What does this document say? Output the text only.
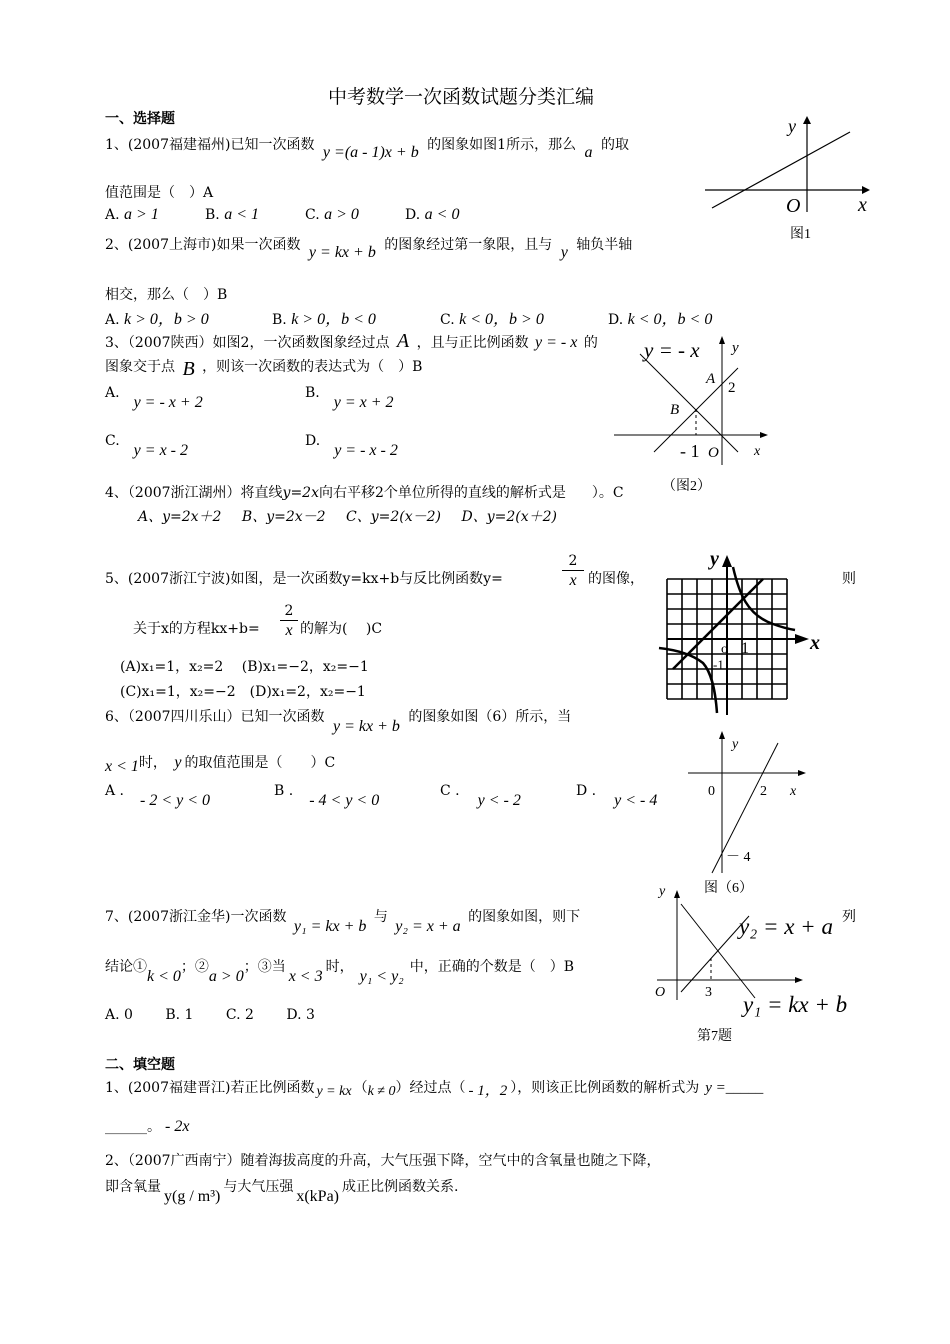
中考数学一次函数试题分类汇编
一、选择题
1、(2007福建福州)已知一次函数 y =(a - 1)x + b 的图象如图1所示，那么 a 的取
值范围是（　）A
A. a > 1	B. a < 1	C. a > 0	D. a < 0
y
x
O
图1
2、(2007上海市)如果一次函数 y = kx + b 的图象经过第一象限，且与 y 轴负半轴
相交，那么（　）B
A. k > 0，b > 0	B. k > 0，b < 0	C. k < 0，b > 0	D. k < 0，b < 0
3、（2007陕西）如图2，一次函数图象经过点 A ，且与正比例函数 y = - x 的
图象交于点 B ，则该一次函数的表达式为（　）B
A.y = - x + 2
B.y = x + 2
C.y = x - 2
D.y = - x - 2
y = - x y
x
A
B
2
- 1 O
（图2）
4、（2007浙江湖州）将直线y=2x向右平移2个单位所得的直线的解析式是 ）。C
A、y=2x＋2 B、y=2x－2 C、y=2(x－2) D、y=2(x＋2)
5、(2007浙江宁波)如图，是一次函数y=kx+b与反比例函数y=	$\frac{2}{x}$ 的图像，	则
关于x的方程$kx+b= \frac{2}{x}$ 的解为(　 )C
(A)x₁=1，x₂=2　 (B)x₁=−2，x₂=−1
(C)x₁=1，x₂=−2　(D)x₁=2，x₂=−1
y
x
o 1
-1
6、（2007四川乐山）已知一次函数 y = kx + b 的图象如图（6）所示，当
x < 1时， y 的取值范围是（　　）C
A .- 2 < y < 0
B .- 4 < y < 0
C .y < - 2
D .y < - 4
y
x
0	2
－ 4
图（6）
7、(2007浙江金华)一次函数 y₁ = kx + b 与 y₂ = x + a 的图象如图，则下	列
结论①k < 0；②a > 0；③当x < 3时，y₁ < y₂中，正确的个数是（　）B
A. 0　　 B. 1　　 C. 2　　 D. 3
y
O	3
y₂ = x + a
y₁ = kx + b
第7题
二、填空题
1、(2007福建晋江)若正比例函数 y = kx （k ≠ 0）经过点（ - 1，2 ），则该正比例函数的解析式为 y =_____
______。 - 2x
2、（2007广西南宁）随着海拔高度的升高，大气压强下降，空气中的含氧量也随之下降，
即含氧量y(g / m³)与大气压强x(kPa)成正比例函数关系.
